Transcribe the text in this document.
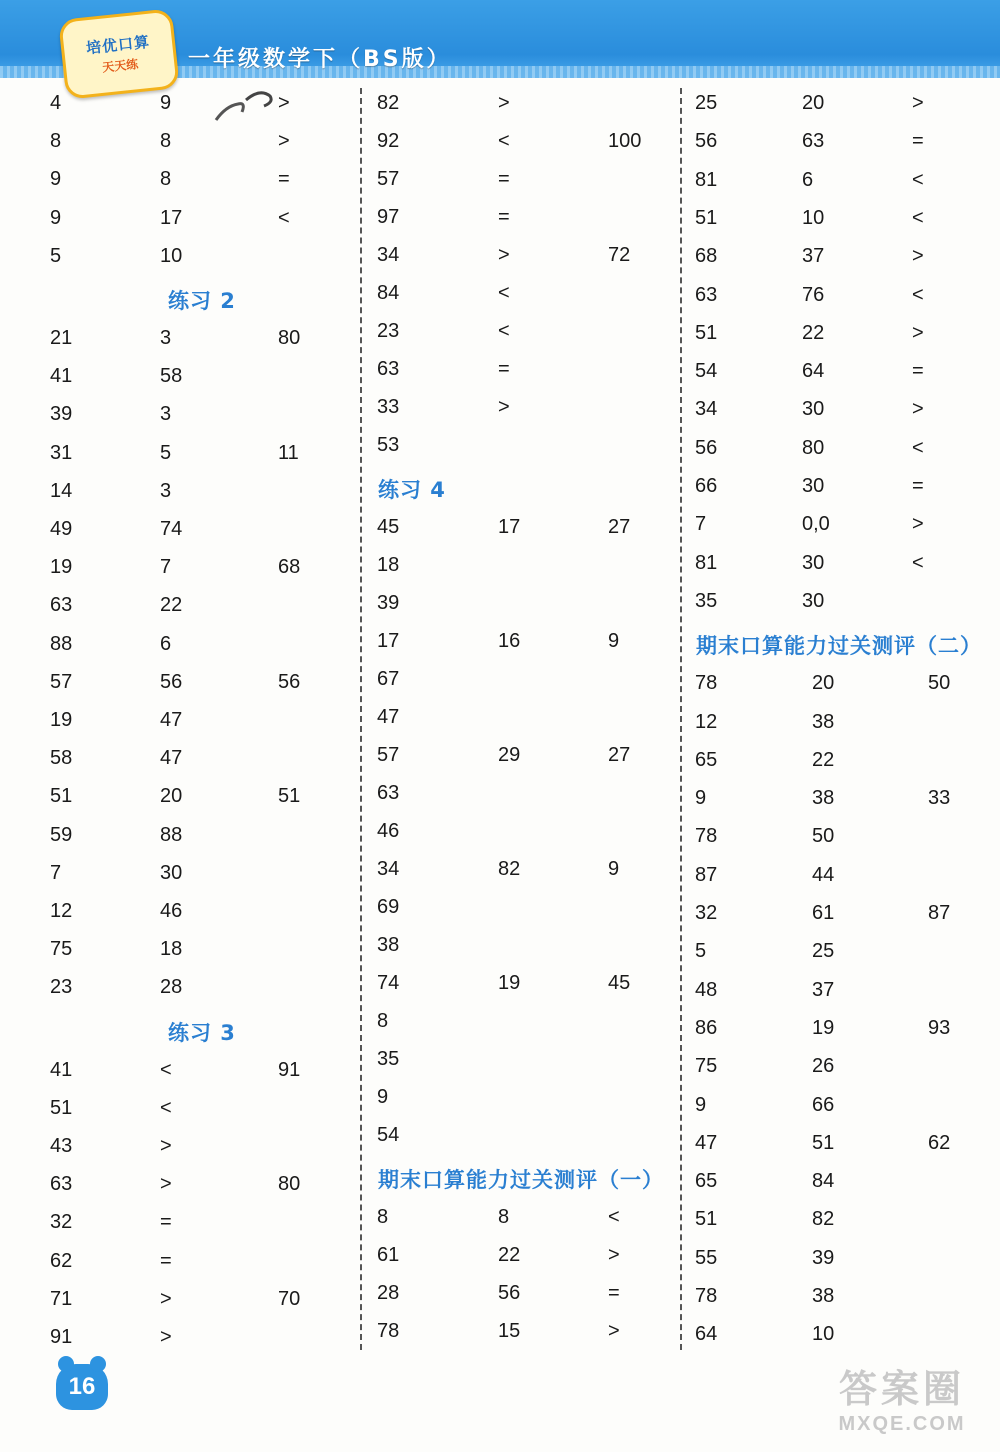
培优口算
天天练 一年级数学下（BS版）
4	9	>
8	8	>
9	8	=
9	17	<
5	10
练习 2
21	3	80
41	58
39	3
31	5	11
14	3
49	74
19	7	68
63	22
88	6
57	56	56
19	47
58	47
51	20	51
59	88
7	30
12	46
75	18
23	28
练习 3
41	<	91
51	<
43	>
63	>	80
32	=
62	=
71	>	70
91	>
82	>
92	<	100
57	=
97	=
34	>	72
84	<
23	<
63	=
33	>
53
练习 4
45	17	27
18
39
17	16	9
67
47
57	29	27
63
46
34	82	9
69
38
74	19	45
8
35
9
54
期末口算能力过关测评（一）
8	8	<
61	22	>
28	56	=
78	15	>
25	20	>
56	63	=
81	6	<
51	10	<
68	37	>
63	76	<
51	22	>
54	64	=
34	30	>
56	80	<
66	30	=
7	0,0	>
81	30	<
35	30
期末口算能力过关测评（二）
78	20	50
12	38
65	22
9	38	33
78	50
87	44
32	61	87
5	25
48	37
86	19	93
75	26
9	66
47	51	62
65	84
51	82
55	39
78	38
64	10
16	答案圈
MXQE.COM
